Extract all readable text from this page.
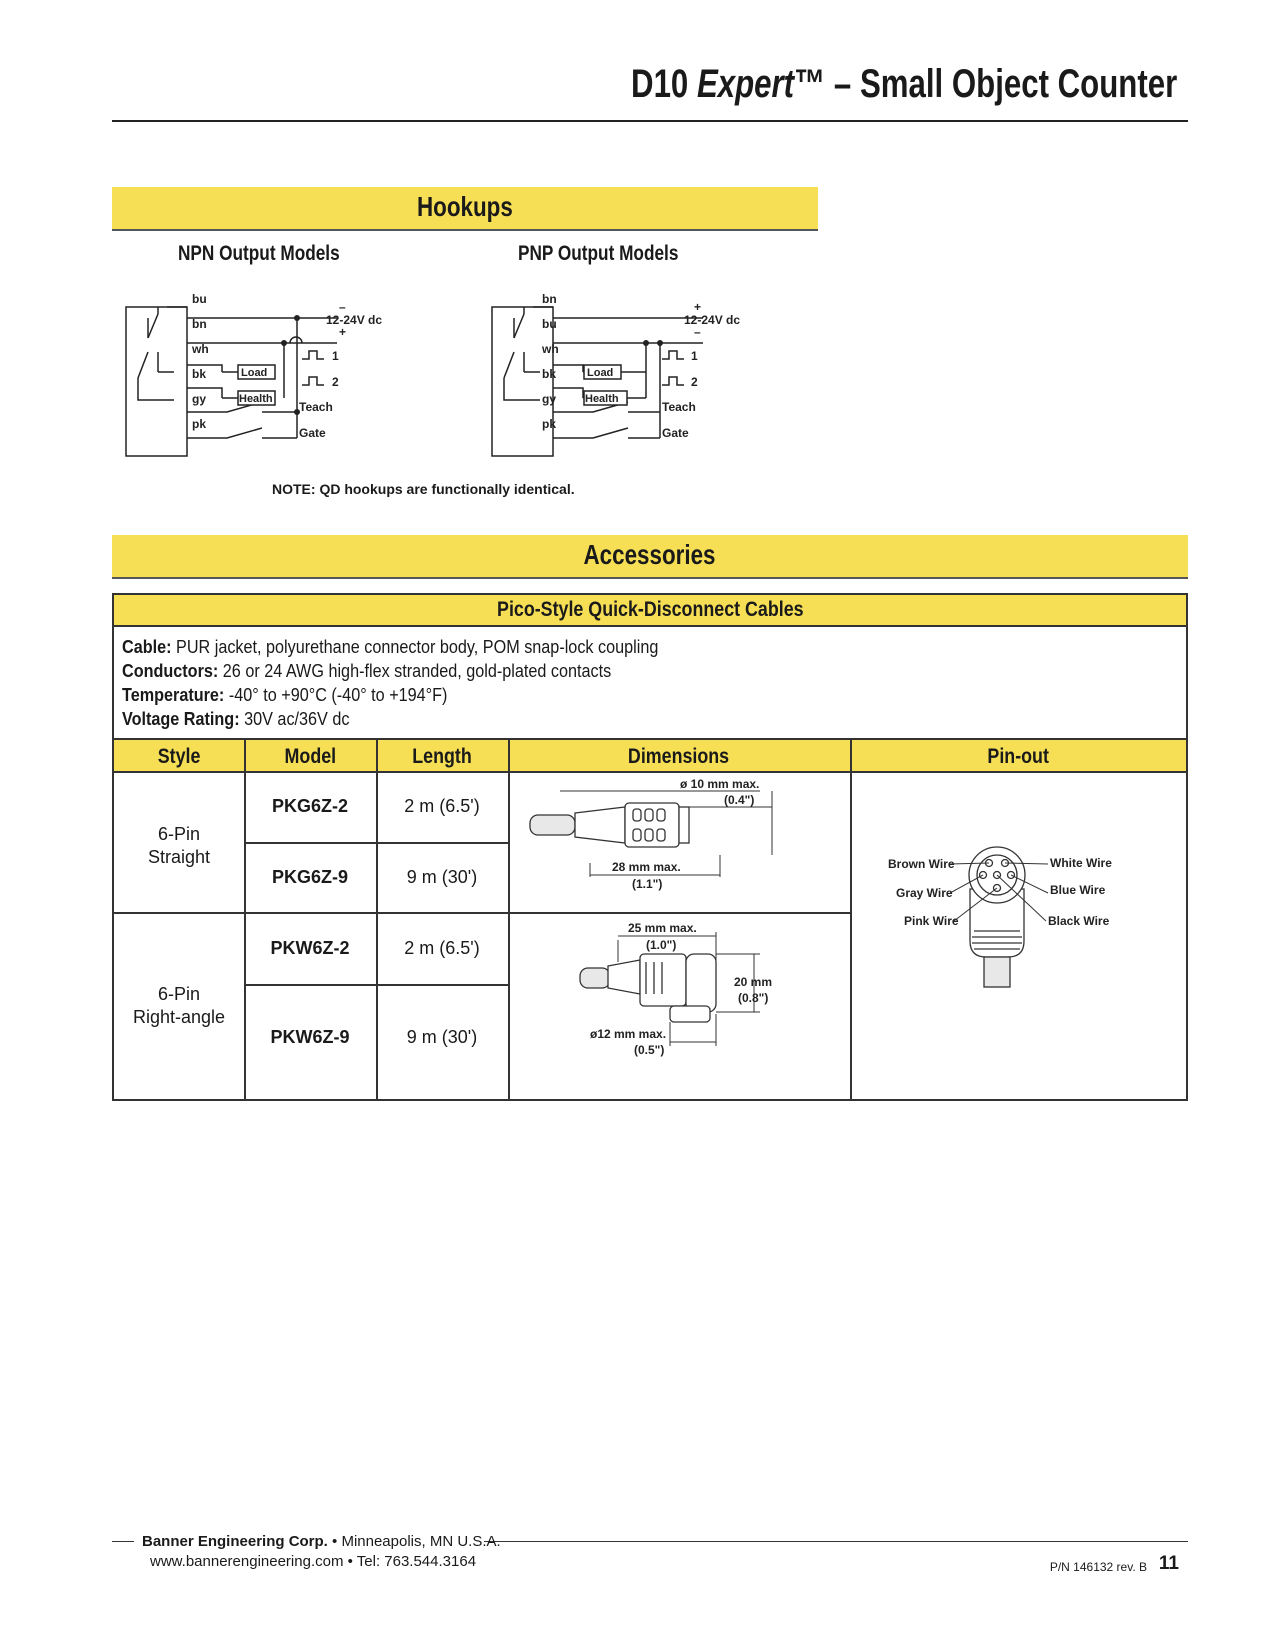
D10 Expert™ – Small Object Counter
Hookups
NPN Output Models	PNP Output Models
bu
bn
wh
bk
gy
pk
–
12-24V dc
+
Load
Health
1
2
Teach
Gate
bn
bu
wh
bk
gy
pk
+
12-24V dc
–
Load
Health
1
2
Teach
Gate
NOTE: QD hookups are functionally identical.
Accessories
Pico-Style Quick-Disconnect Cables
Cable: PUR jacket, polyurethane connector body, POM snap-lock coupling
Conductors: 26 or 24 AWG high-flex stranded, gold-plated contacts
Temperature: -40° to +90°C (-40° to +194°F)
Voltage Rating: 30V ac/36V dc
Style	Model	Length	Dimensions	Pin-out
6-Pin
Straight
PKG6Z-2	2 m (6.5')
PKG6Z-9	9 m (30')
6-Pin
Right-angle
PKW6Z-2	2 m (6.5')
PKW6Z-9	9 m (30')
ø 10 mm max.
(0.4")
28 mm max.
(1.1")
25 mm max.
(1.0")
20 mm
(0.8")
ø12 mm max.
(0.5")
Brown Wire
Gray Wire
Pink Wire
White Wire
Blue Wire
Black Wire
Banner Engineering Corp. • Minneapolis, MN U.S.A.
www.bannerengineering.com • Tel: 763.544.3164	P/N 146132 rev. B 11
